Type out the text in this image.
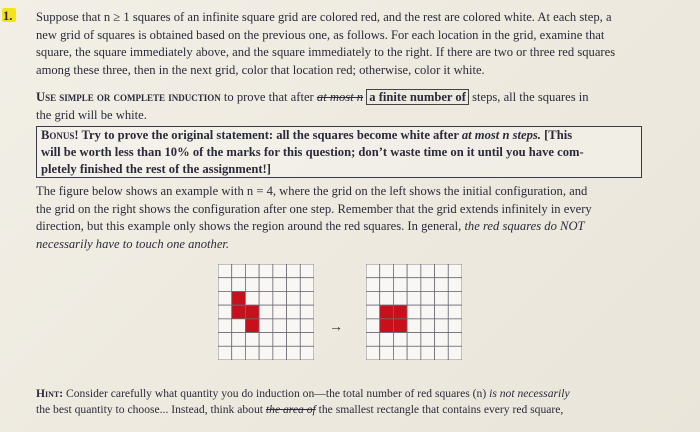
1. Suppose that n ≥ 1 squares of an infinite square grid are colored red, and the rest are colored white. At each step, a
new grid of squares is obtained based on the previous one, as follows. For each location in the grid, examine that
square, the square immediately above, and the square immediately to the right. If there are two or three red squares
among these three, then in the next grid, color that location red; otherwise, color it white.
Use simple or complete induction to prove that after at most n a finite number of steps, all the squares in
the grid will be white.
Bonus! Try to prove the original statement: all the squares become white after at most n steps. [This
will be worth less than 10% of the marks for this question; don’t waste time on it until you have com-
pletely finished the rest of the assignment!]
The figure below shows an example with n = 4, where the grid on the left shows the initial configuration, and
the grid on the right shows the configuration after one step. Remember that the grid extends infinitely in every
direction, but this example only shows the region around the red squares. In general, the red squares do NOT
necessarily have to touch one another.
→
Hint: Consider carefully what quantity you do induction on—the total number of red squares (n) is not necessarily
the best quantity to choose... Instead, think about the area of the smallest rectangle that contains every red square,
